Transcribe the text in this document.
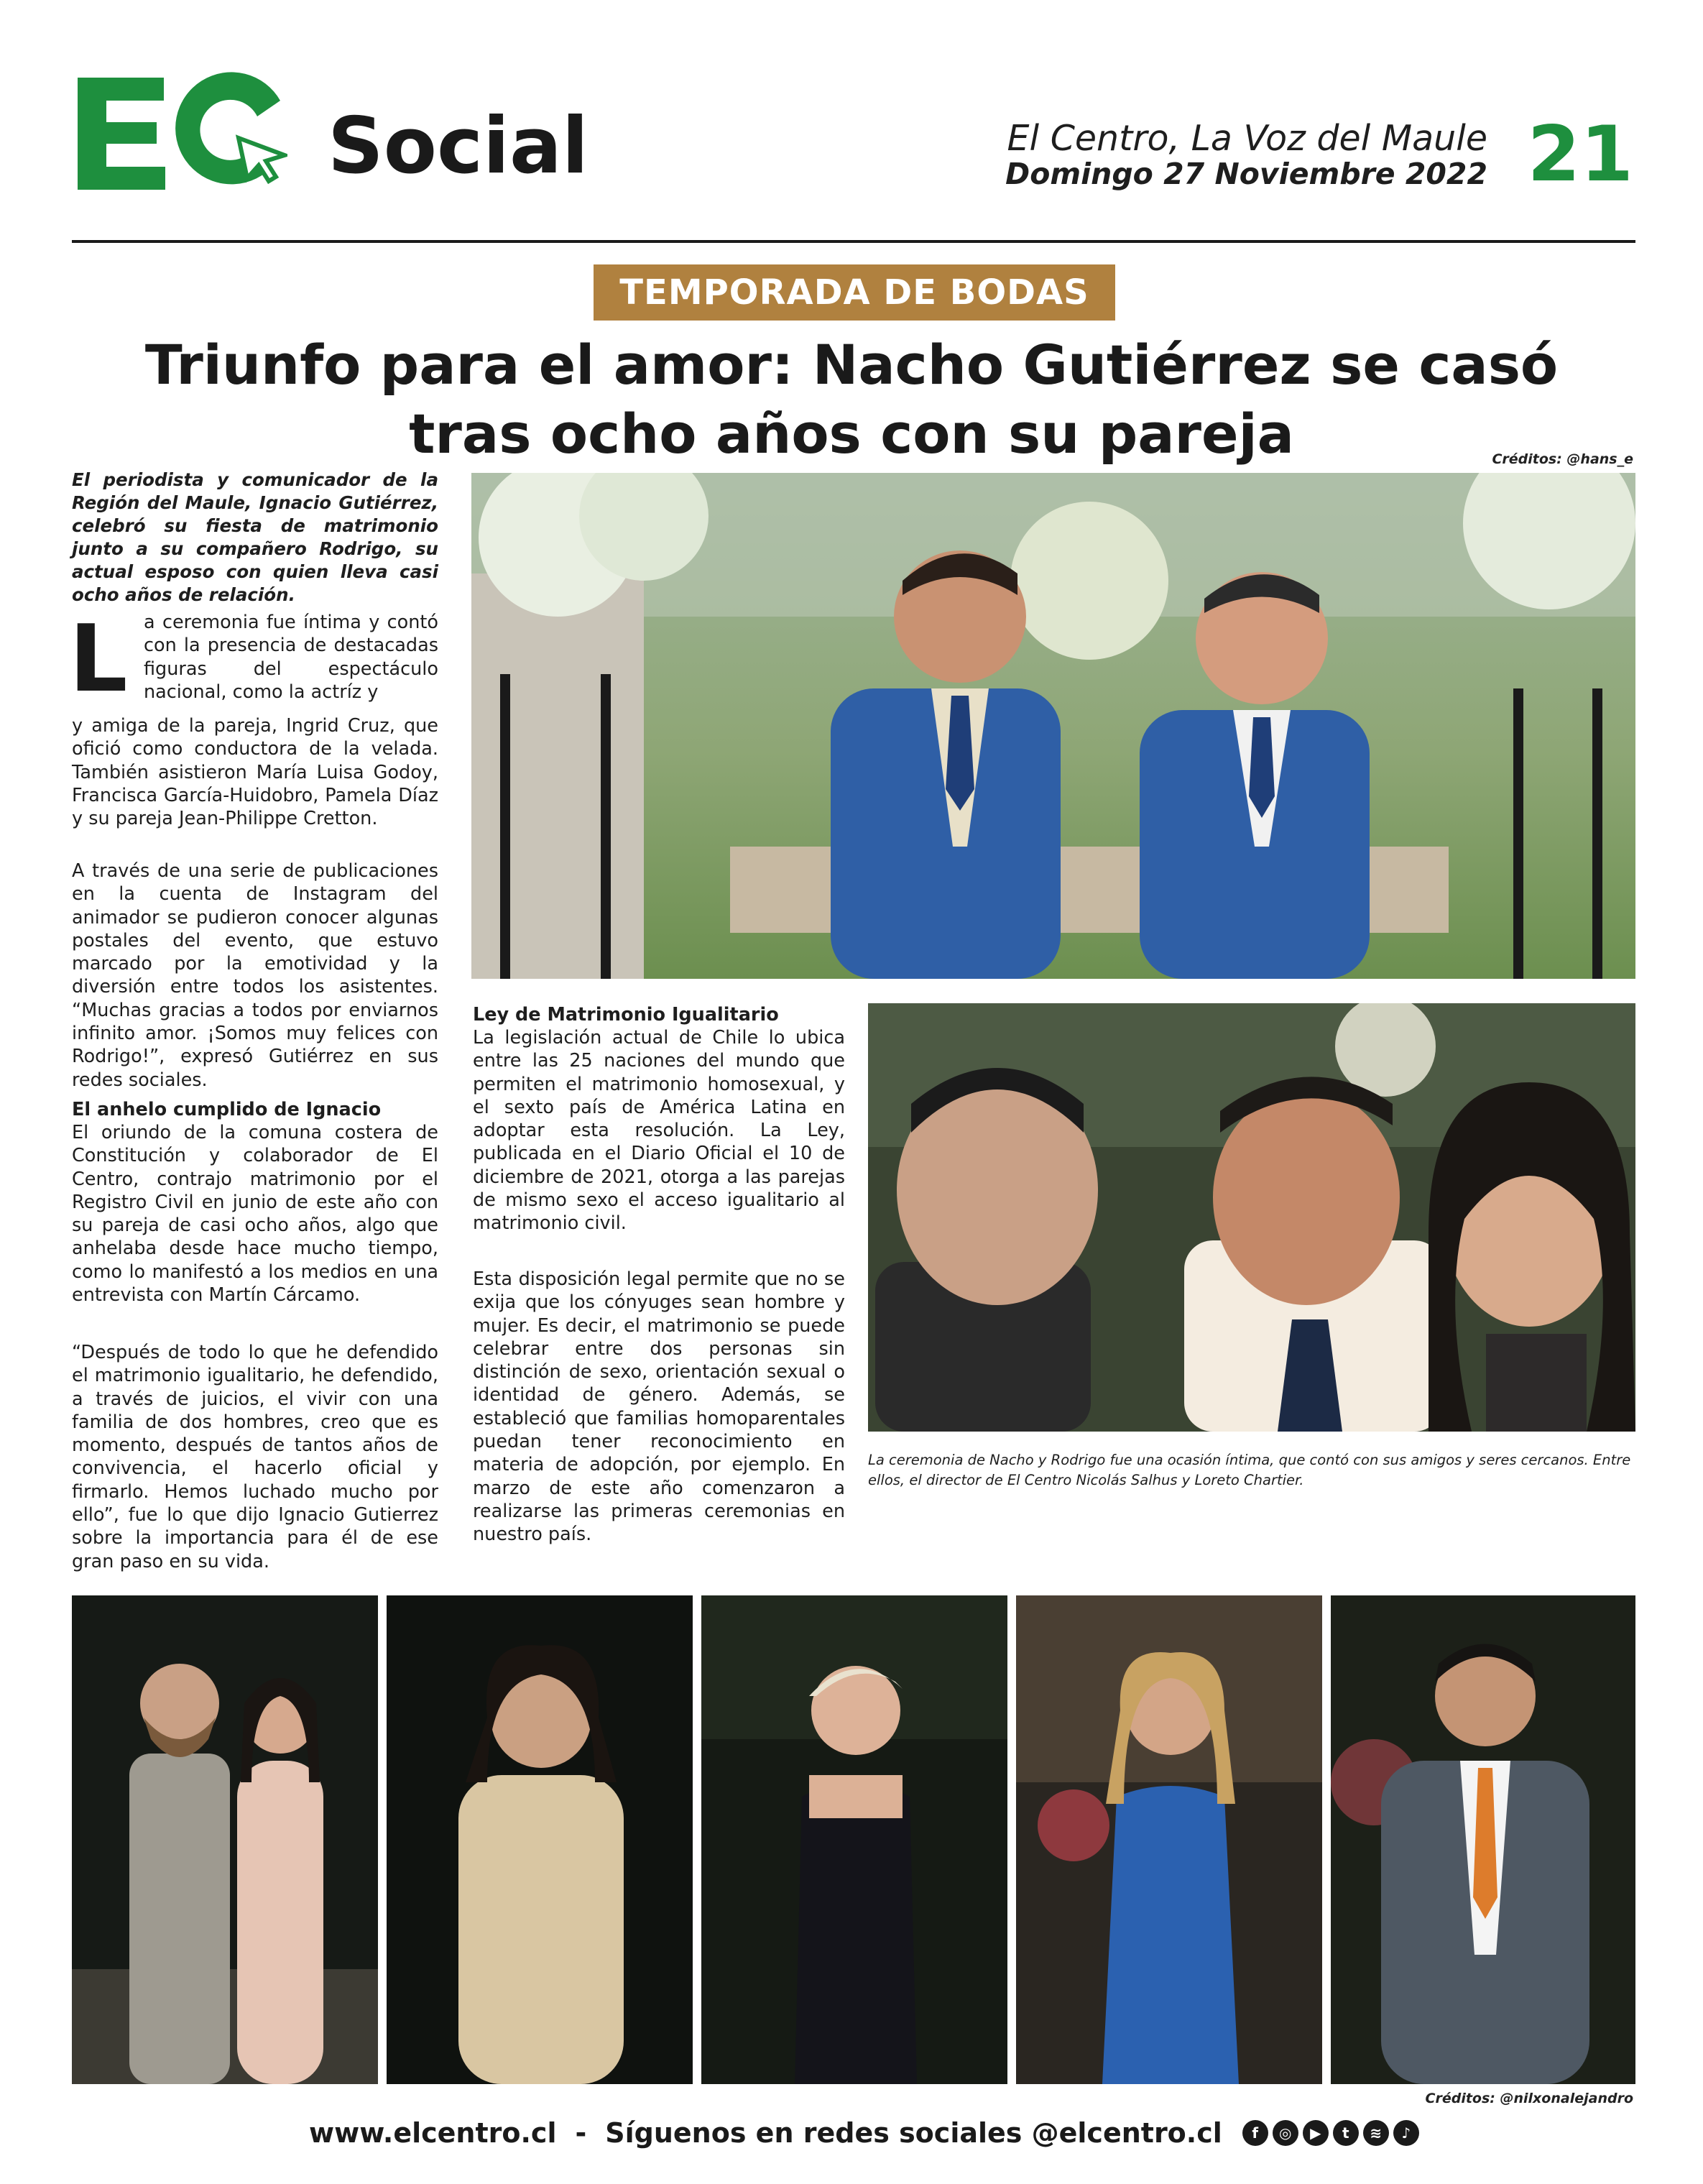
Social	El Centro, La Voz del Maule
Domingo 27 Noviembre 2022 21
TEMPORADA DE BODAS
Triunfo para el amor: Nacho Gutiérrez se casó
tras ocho años con su pareja	Créditos: @hans_e
El periodista y comunicador de la Región del Maule, Ignacio Gutiérrez, celebró su fiesta de matrimonio junto a su compañero Rodrigo, su actual esposo con quien lleva casi ocho años de relación.
L a ceremonia fue íntima y contó con la presencia de destacadas figuras del espectáculo nacional, como la actríz y
y amiga de la pareja, Ingrid Cruz, que ofició como conductora de la velada. También asistieron María Luisa Godoy, Francisca García-Huidobro, Pamela Díaz y su pareja Jean-Philippe Cretton.
A través de una serie de publicaciones en la cuenta de Instagram del animador se pudieron conocer algunas postales del evento, que estuvo marcado por la emotividad y la diversión entre todos los asistentes. “Muchas gracias a todos por enviarnos infinito amor. ¡Somos muy felices con Rodrigo!”, expresó Gutiérrez en sus redes sociales.
El anhelo cumplido de Ignacio
El oriundo de la comuna costera de Constitución y colaborador de El Centro, contrajo matrimonio por el Registro Civil en junio de este año con su pareja de casi ocho años, algo que anhelaba desde hace mucho tiempo, como lo manifestó a los medios en una entrevista con Martín Cárcamo.
“Después de todo lo que he defendido el matrimonio igualitario, he defendido, a través de juicios, el vivir con una familia de dos hombres, creo que es momento, después de tantos años de convivencia, el hacerlo oficial y firmarlo. Hemos luchado mucho por ello”, fue lo que dijo Ignacio Gutierrez sobre la importancia para él de ese gran paso en su vida.
Ley de Matrimonio Igualitario
La legislación actual de Chile lo ubica entre las 25 naciones del mundo que permiten el matrimonio homosexual, y el sexto país de América Latina en adoptar esta resolución. La Ley, publicada en el Diario Oficial el 10 de diciembre de 2021, otorga a las parejas de mismo sexo el acceso igualitario al matrimonio civil.
Esta disposición legal permite que no se exija que los cónyuges sean hombre y mujer. Es decir, el matrimonio se puede celebrar entre dos personas sin distinción de sexo, orientación sexual o identidad de género. Además, se estableció que familias homoparentales puedan tener reconocimiento en materia de adopción, por ejemplo. En marzo de este año comenzaron a realizarse las primeras ceremonias en nuestro país.
La ceremonia de Nacho y Rodrigo fue una ocasión íntima, que contó con sus amigos y seres cercanos. Entre ellos, el director de El Centro Nicolás Salhus y Loreto Chartier.
Créditos: @nilxonalejandro
www.elcentro.cl - Síguenos en redes sociales @elcentro.cl	f	◎	▶	t	≋	♪
